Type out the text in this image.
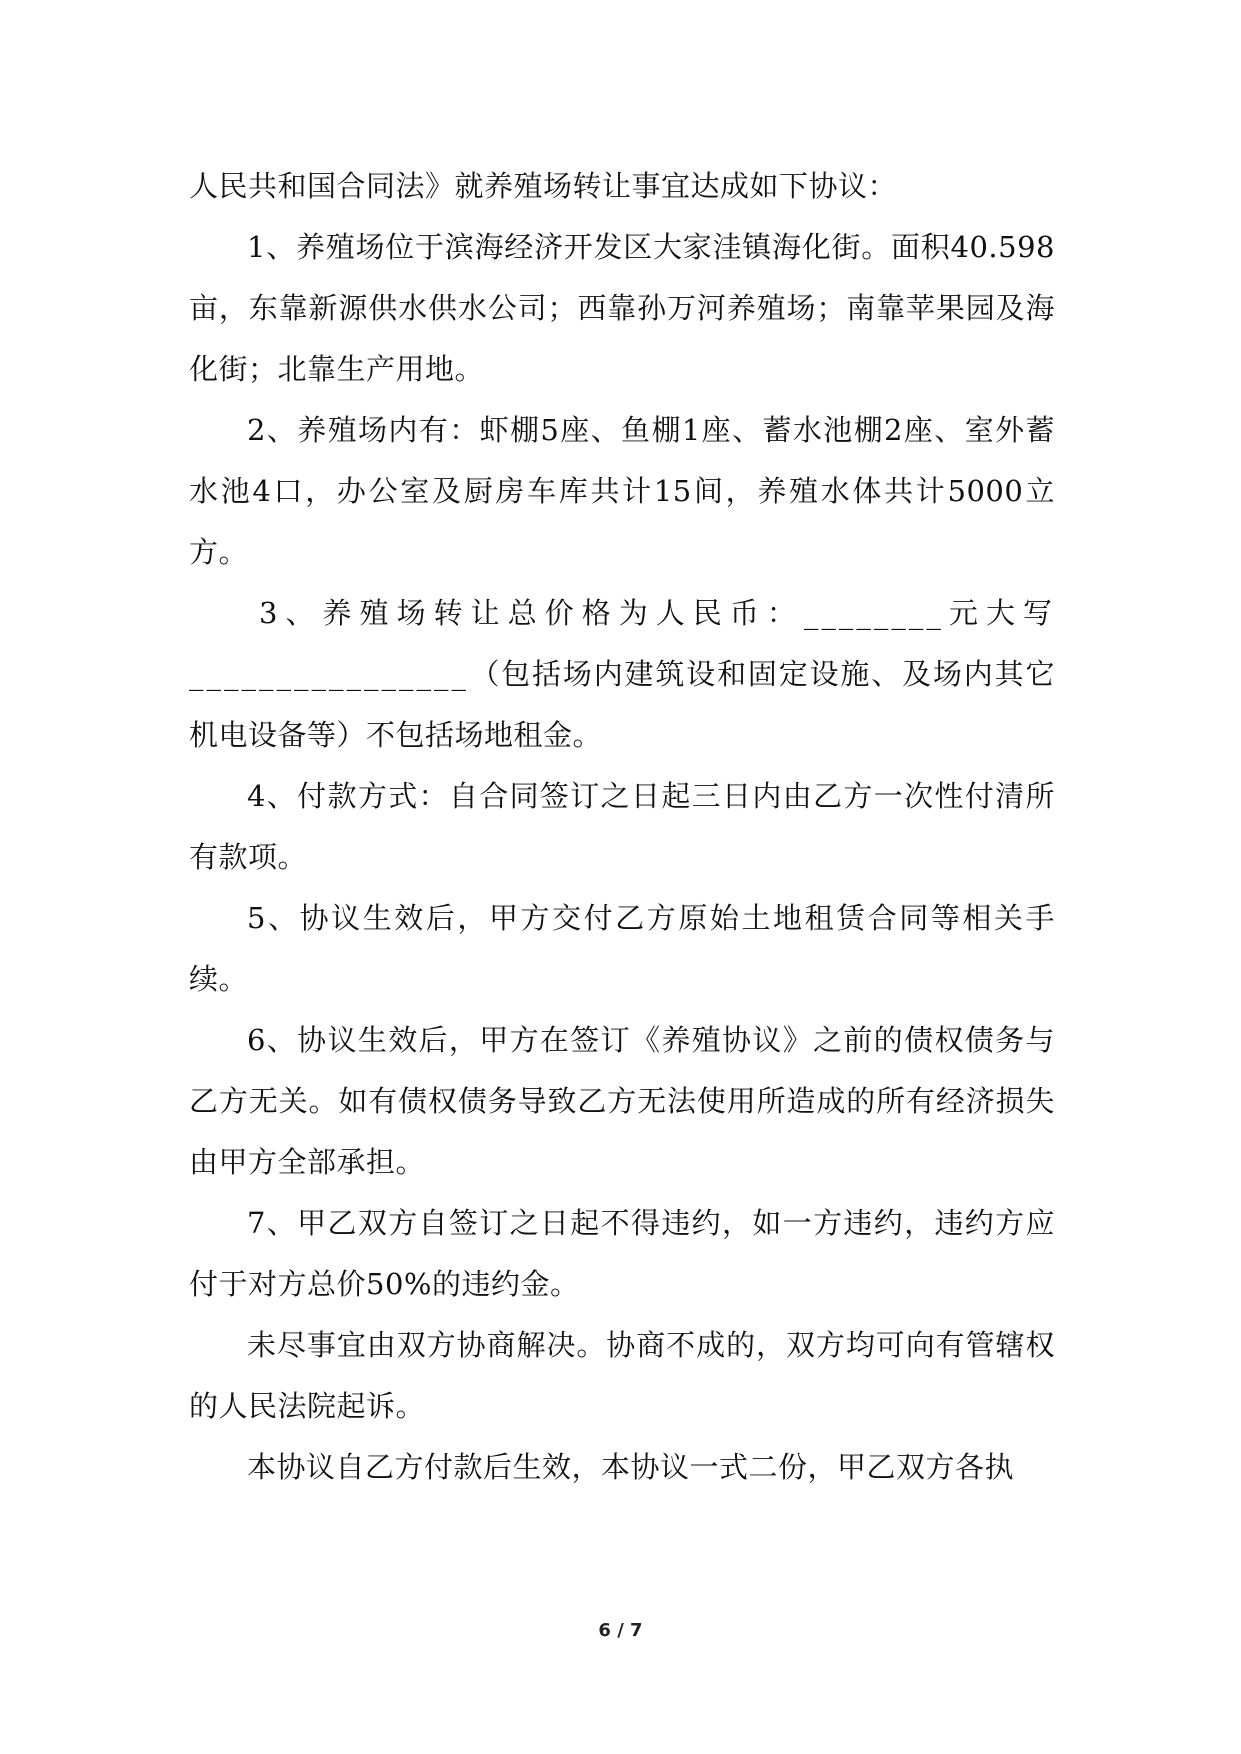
人民共和国合同法》就养殖场转让事宜达成如下协议：

1、养殖场位于滨海经济开发区大家洼镇海化街。面积40.598亩，东靠新源供水供水公司；西靠孙万河养殖场；南靠苹果园及海化街；北靠生产用地。

2、养殖场内有：虾棚5座、鱼棚1座、蓄水池棚2座、室外蓄水池4口，办公室及厨房车库共计15间，养殖水体共计5000立方。

3、养殖场转让总价格为人民币：________元大写________________（包括场内建筑设和固定设施、及场内其它机电设备等）不包括场地租金。

4、付款方式：自合同签订之日起三日内由乙方一次性付清所有款项。

5、协议生效后，甲方交付乙方原始土地租赁合同等相关手续。

6、协议生效后，甲方在签订《养殖协议》之前的债权债务与乙方无关。如有债权债务导致乙方无法使用所造成的所有经济损失由甲方全部承担。

7、甲乙双方自签订之日起不得违约，如一方违约，违约方应付于对方总价50%的违约金。

未尽事宜由双方协商解决。协商不成的，双方均可向有管辖权的人民法院起诉。

本协议自乙方付款后生效，本协议一式二份，甲乙双方各执

6 / 7
